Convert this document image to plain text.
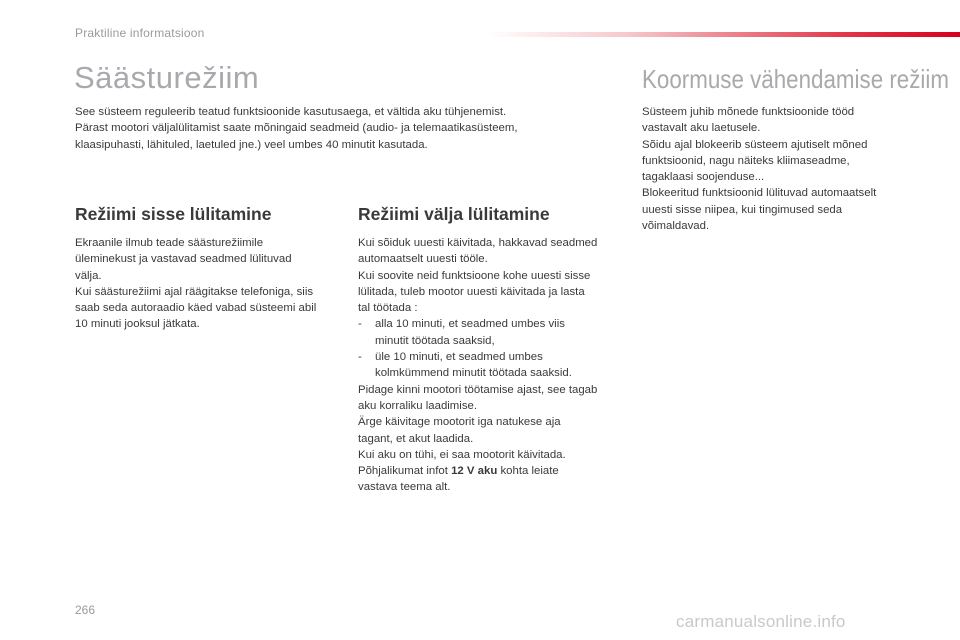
Praktiline informatsioon
Säästurežiim
See süsteem reguleerib teatud funktsioonide kasutusaega, et vältida aku tühjenemist.
Pärast mootori väljalülitamist saate mõningaid seadmeid (audio- ja telemaatikasüsteem,
klaasipuhasti, lähituled, laetuled jne.) veel umbes 40 minutit kasutada.
Režiimi sisse lülitamine
Ekraanile ilmub teade säästurežiimile
üleminekust ja vastavad seadmed lülituvad
välja.
Kui säästurežiimi ajal räägitakse telefoniga, siis
saab seda autoraadio käed vabad süsteemi abil
10 minuti jooksul jätkata.
Režiimi välja lülitamine
Kui sõiduk uuesti käivitada, hakkavad seadmed
automaatselt uuesti tööle.
Kui soovite neid funktsioone kohe uuesti sisse
lülitada, tuleb mootor uuesti käivitada ja lasta
tal töötada :
-	alla 10 minuti, et seadmed umbes viis
minutit töötada saaksid,
-	üle 10 minuti, et seadmed umbes
kolmkümmend minutit töötada saaksid.
Pidage kinni mootori töötamise ajast, see tagab
aku korraliku laadimise.
Ärge käivitage mootorit iga natukese aja
tagant, et akut laadida.
Kui aku on tühi, ei saa mootorit käivitada.
Põhjalikumat infot 12 V aku kohta leiate
vastava teema alt.
Koormuse vähendamise režiim
Süsteem juhib mõnede funktsioonide tööd
vastavalt aku laetusele.
Sõidu ajal blokeerib süsteem ajutiselt mõned
funktsioonid, nagu näiteks kliimaseadme,
tagaklaasi soojenduse...
Blokeeritud funktsioonid lülituvad automaatselt
uuesti sisse niipea, kui tingimused seda
võimaldavad.
266
carmanualsonline.info
